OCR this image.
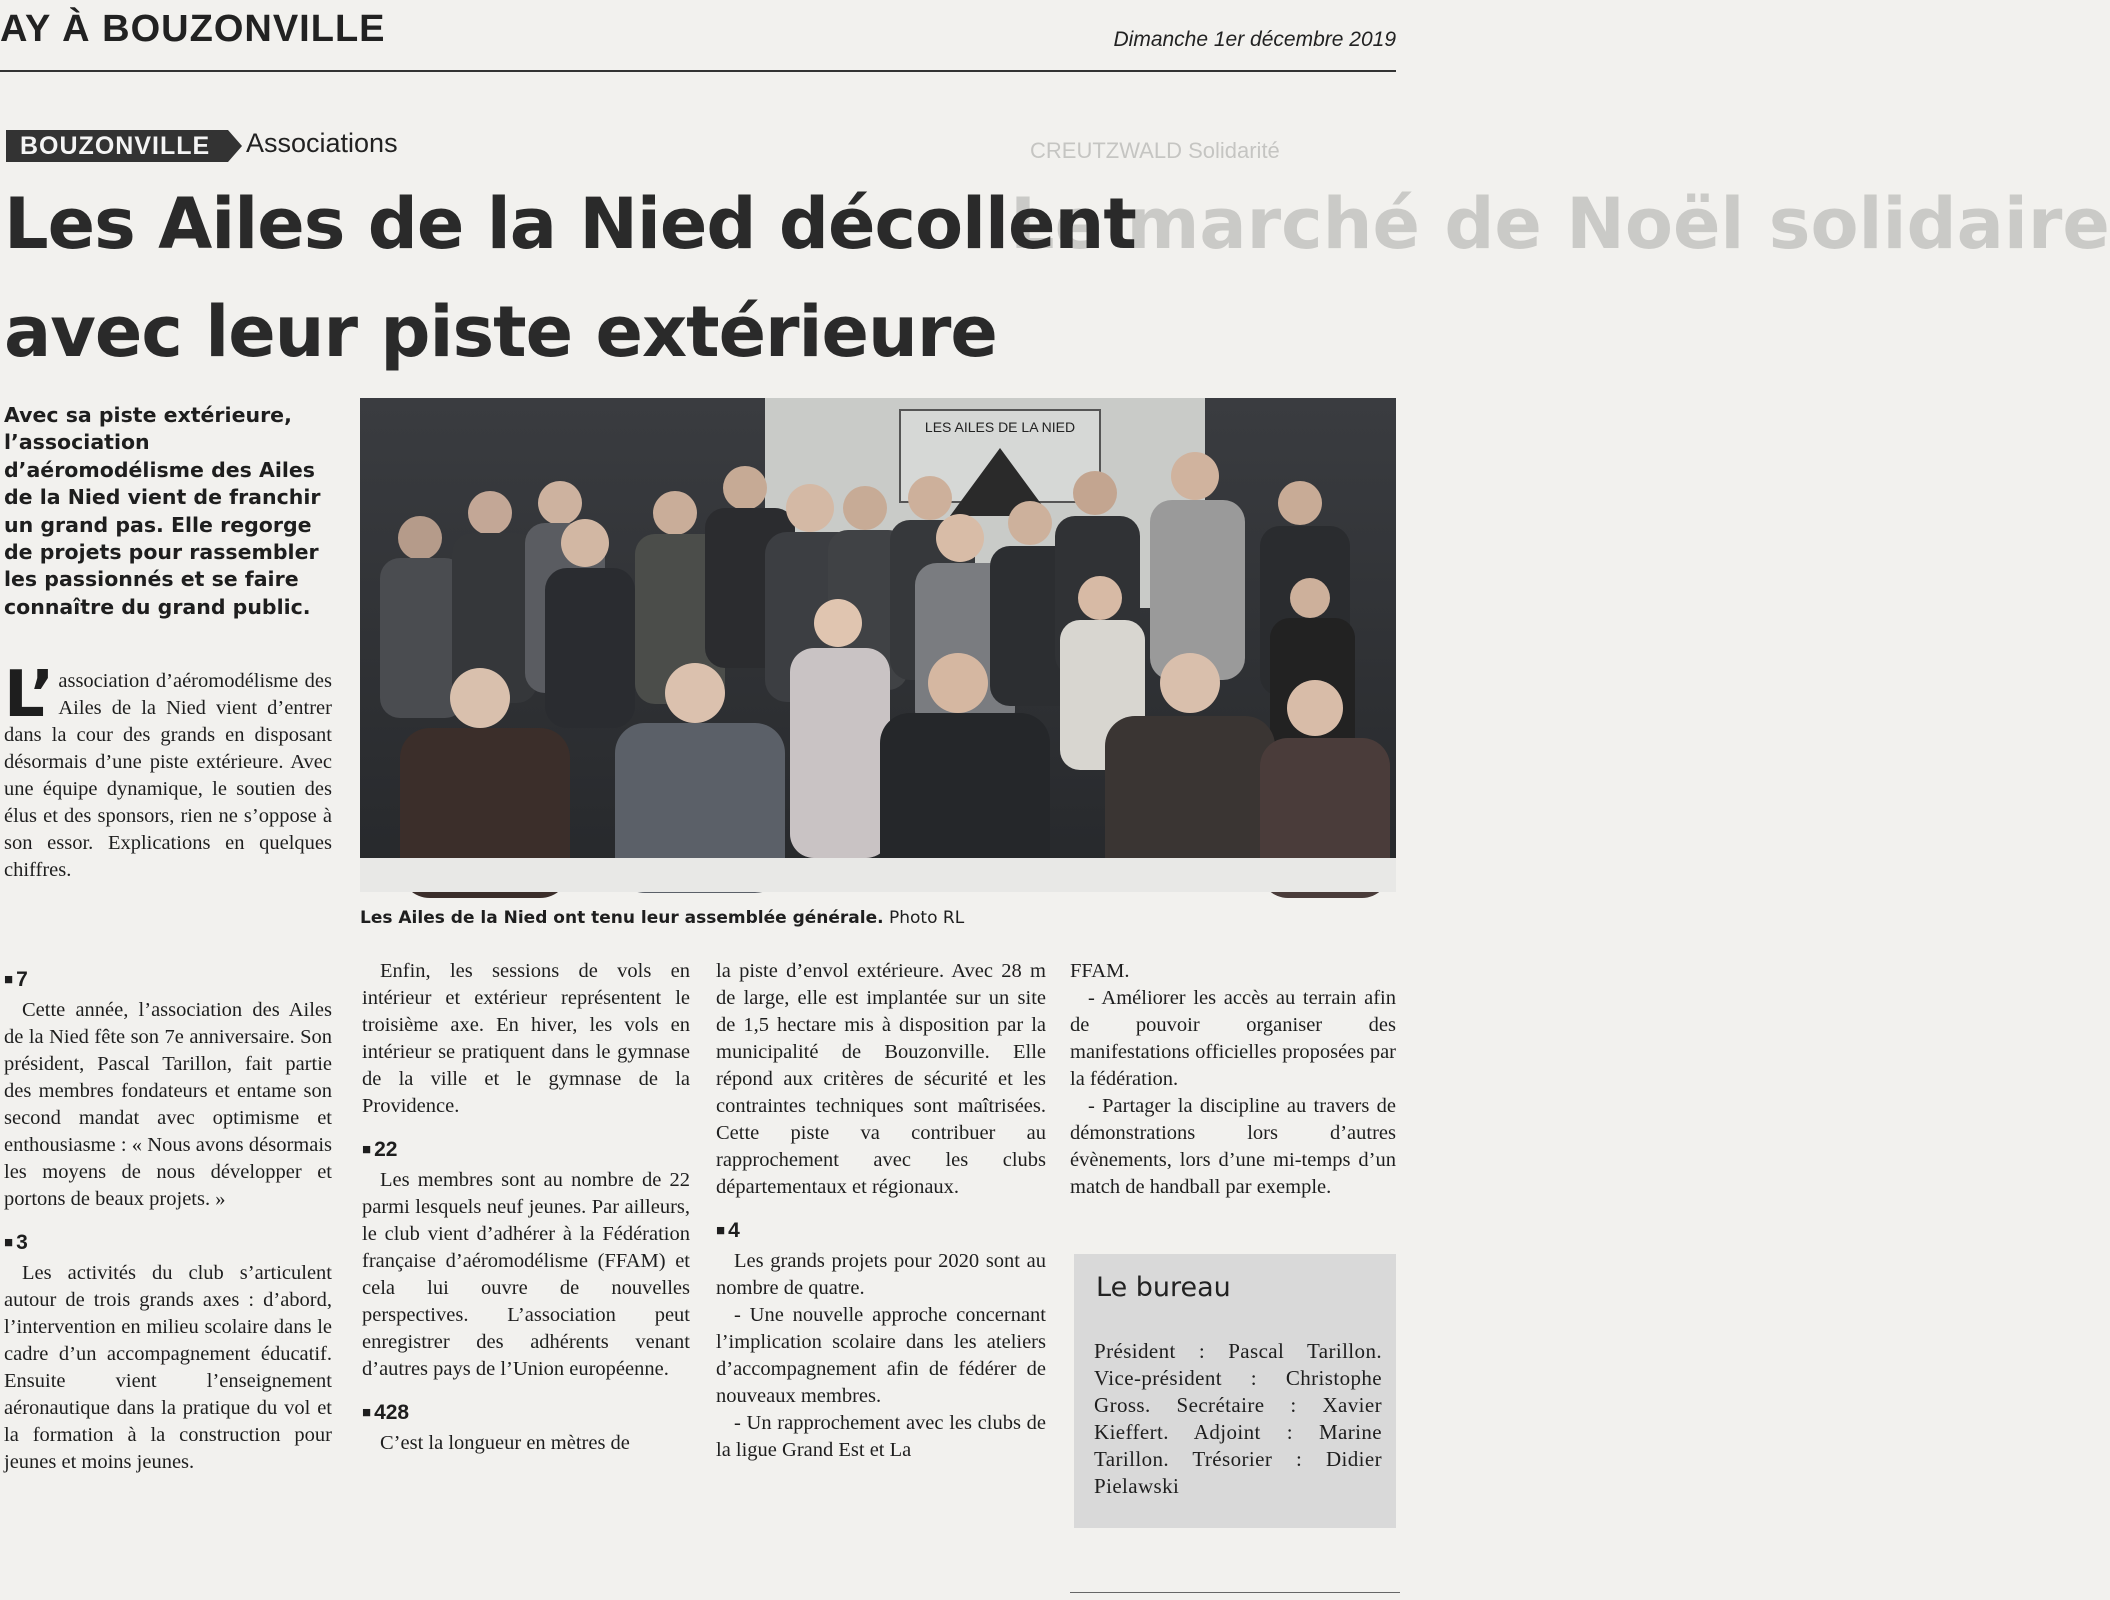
AY À BOUZONVILLE	Dimanche 1er décembre 2019
CREUTZWALD Solidarité
Le marché de Noël solidaire
BOUZONVILLE	Associations
Les Ailes de la Nied décollent
avec leur piste extérieure
Avec sa piste extérieure, l’association d’aéromodélisme des Ailes de la Nied vient de franchir un grand pas. Elle regorge de projets pour rassembler les passionnés et se faire connaître du grand public.
LES AILES DE LA NIED
Les Ailes de la Nied ont tenu leur assemblée générale. Photo RL

L’ association d’aéromodélisme des Ailes de la Nied vient d’entrer dans la cour des grands en disposant désormais d’une piste extérieure. Avec une équipe dynamique, le soutien des élus et des sponsors, rien ne s’oppose à son essor. Explications en quelques chiffres.

■ 7

Cette année, l’association des Ailes de la Nied fête son 7e anniversaire. Son président, Pascal Tarillon, fait partie des membres fondateurs et entame son second mandat avec optimisme et enthousiasme : « Nous avons désormais les moyens de nous développer et portons de beaux projets. »

■ 3

Les activités du club s’articulent autour de trois grands axes : d’abord, l’intervention en milieu scolaire dans le cadre d’un accompagnement éducatif. Ensuite vient l’enseignement aéronautique dans la pratique du vol et la formation à la construction pour jeunes et moins jeunes.

Enfin, les sessions de vols en intérieur et extérieur représentent le troisième axe. En hiver, les vols en intérieur se pratiquent dans le gymnase de la ville et le gymnase de la Providence.

■ 22

Les membres sont au nombre de 22 parmi lesquels neuf jeunes. Par ailleurs, le club vient d’adhérer à la Fédération française d’aéromodélisme (FFAM) et cela lui ouvre de nouvelles perspectives. L’association peut enregistrer des adhérents venant d’autres pays de l’Union européenne.

■ 428

C’est la longueur en mètres de

la piste d’envol extérieure. Avec 28 m de large, elle est implantée sur un site de 1,5 hectare mis à disposition par la municipalité de Bouzonville. Elle répond aux critères de sécurité et les contraintes techniques sont maîtrisées. Cette piste va contribuer au rapprochement avec les clubs départementaux et régionaux.

■ 4

Les grands projets pour 2020 sont au nombre de quatre.

- Une nouvelle approche concernant l’implication scolaire dans les ateliers d’accompagnement afin de fédérer de nouveaux membres.

- Un rapprochement avec les clubs de la ligue Grand Est et La

FFAM.

- Améliorer les accès au terrain afin de pouvoir organiser des manifestations officielles proposées par la fédération.

- Partager la discipline au travers de démonstrations lors d’autres évènements, lors d’une mi-temps d’un match de handball par exemple.

Le bureau
Président : Pascal Tarillon. Vice-président : Christophe Gross. Secrétaire : Xavier Kieffert. Adjoint : Marine Tarillon. Trésorier : Didier Pielawski
